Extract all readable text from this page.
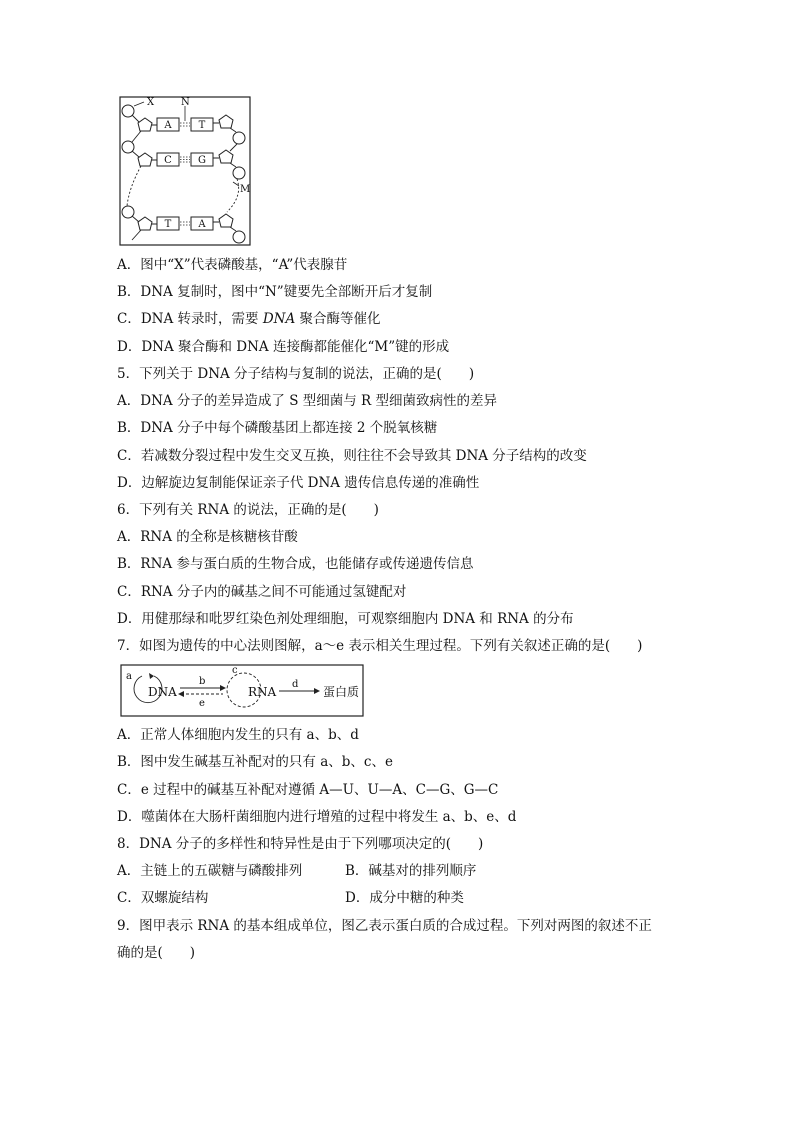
A	T
C	G
T	A
X	N
M
A．图中“X”代表磷酸基，“A”代表腺苷
B．DNA 复制时，图中“N”键要先全部断开后才复制
C．DNA 转录时，需要 DNA 聚合酶等催化
D．DNA 聚合酶和 DNA 连接酶都能催化“M”键的形成
5．下列关于 DNA 分子结构与复制的说法，正确的是(　　)
A．DNA 分子的差异造成了 S 型细菌与 R 型细菌致病性的差异
B．DNA 分子中每个磷酸基团上都连接 2 个脱氧核糖
C．若减数分裂过程中发生交叉互换，则往往不会导致其 DNA 分子结构的改变
D．边解旋边复制能保证亲子代 DNA 遗传信息传递的准确性
6．下列有关 RNA 的说法，正确的是(　　)
A．RNA 的全称是核糖核苷酸
B．RNA 参与蛋白质的生物合成，也能储存或传递遗传信息
C．RNA 分子内的碱基之间不可能通过氢键配对
D．用健那绿和吡罗红染色剂处理细胞，可观察细胞内 DNA 和 RNA 的分布
7．如图为遗传的中心法则图解，a～e 表示相关生理过程。下列有关叙述正确的是(　　)
a
DNA
b
e
c
RNA
d
蛋白质
A．正常人体细胞内发生的只有 a、b、d
B．图中发生碱基互补配对的只有 a、b、c、e
C．e 过程中的碱基互补配对遵循 A—U、U—A、C—G、G—C
D．噬菌体在大肠杆菌细胞内进行增殖的过程中将发生 a、b、e、d
8．DNA 分子的多样性和特异性是由于下列哪项决定的(　　)
A．主链上的五碳糖与磷酸排列	B．碱基对的排列顺序
C．双螺旋结构	D．成分中糖的种类
9．图甲表示 RNA 的基本组成单位，图乙表示蛋白质的合成过程。下列对两图的叙述不正
确的是(　　)
